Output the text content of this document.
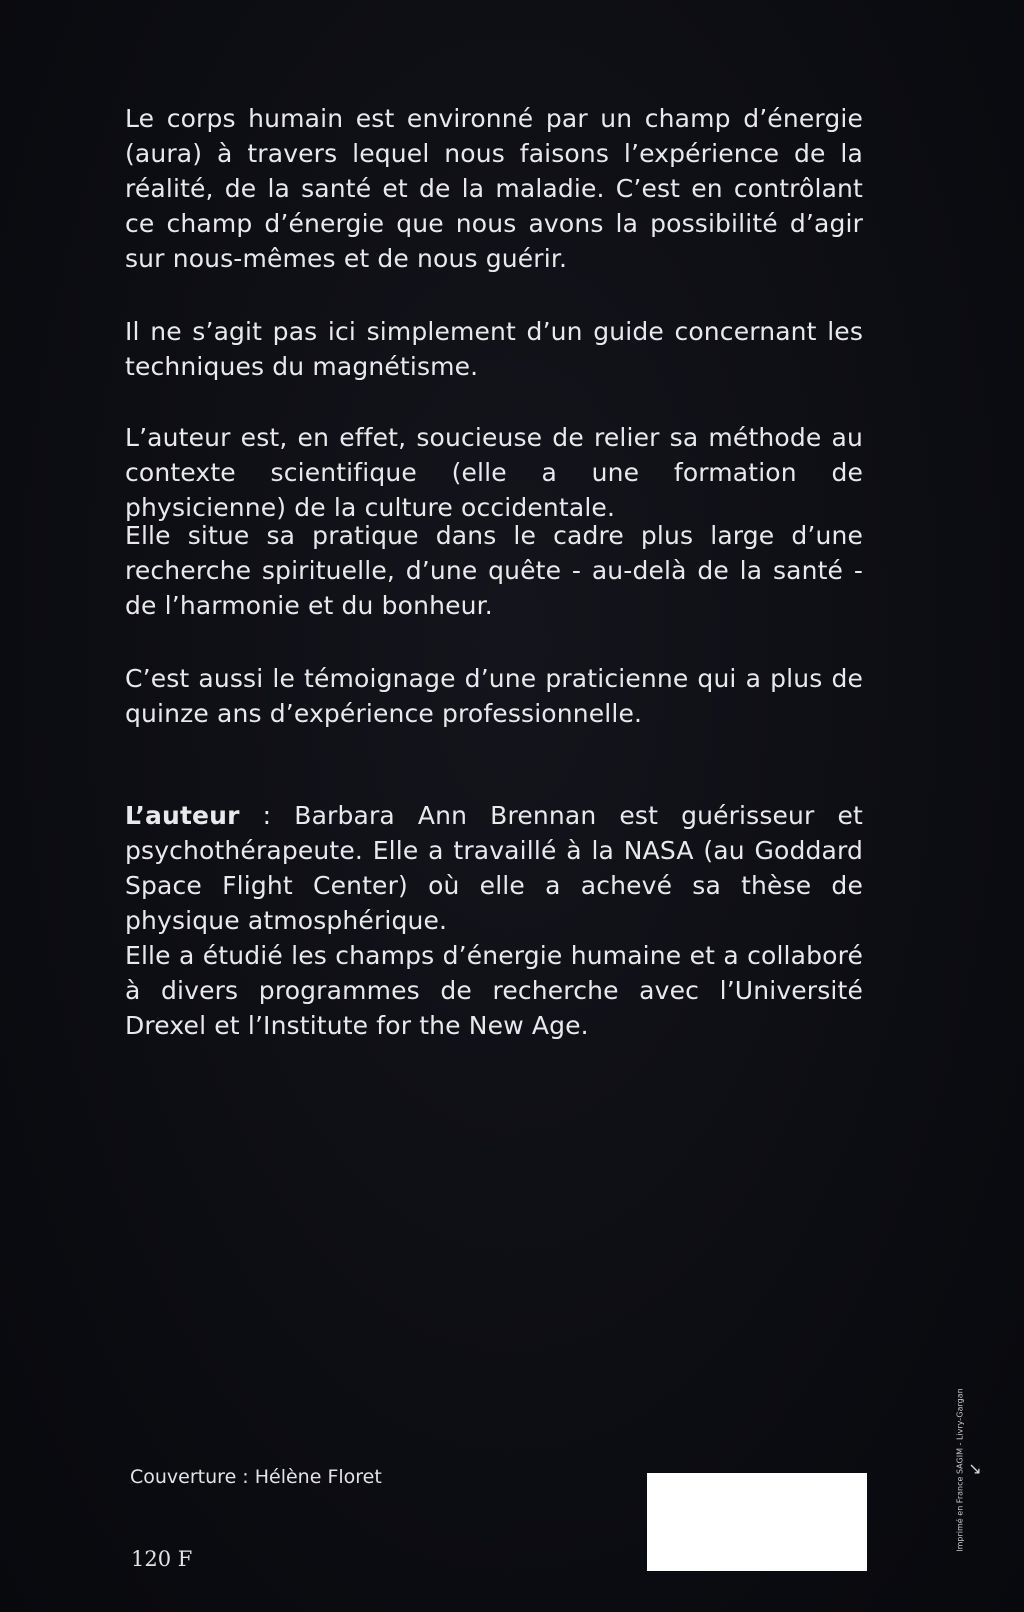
Le corps humain est environné par un champ d’énergie (aura) à travers lequel nous faisons l’expérience de la réalité, de la santé et de la maladie. C’est en contrôlant ce champ d’énergie que nous avons la possibilité d’agir sur nous-mêmes et de nous guérir.

Il ne s’agit pas ici simplement d’un guide concernant les techniques du magnétisme.

L’auteur est, en effet, soucieuse de relier sa méthode au contexte scientifique (elle a une formation de physicienne) de la culture occidentale.

Elle situe sa pratique dans le cadre plus large d’une recherche spirituelle, d’une quête - au-delà de la santé - de l’harmonie et du bonheur.

C’est aussi le témoignage d’une praticienne qui a plus de quinze ans d’expérience professionnelle.

L’auteur : Barbara Ann Brennan est guérisseur et psychothérapeute. Elle a travaillé à la NASA (au Goddard Space Flight Center) où elle a achevé sa thèse de physique atmosphérique.

Elle a étudié les champs d’énergie humaine et a collaboré à divers programmes de recherche avec l’Université Drexel et l’Institute for the New Age.

Couverture : Hélène Floret
120 F
↘
Imprimé en France SAGIM - Livry-Gargan
